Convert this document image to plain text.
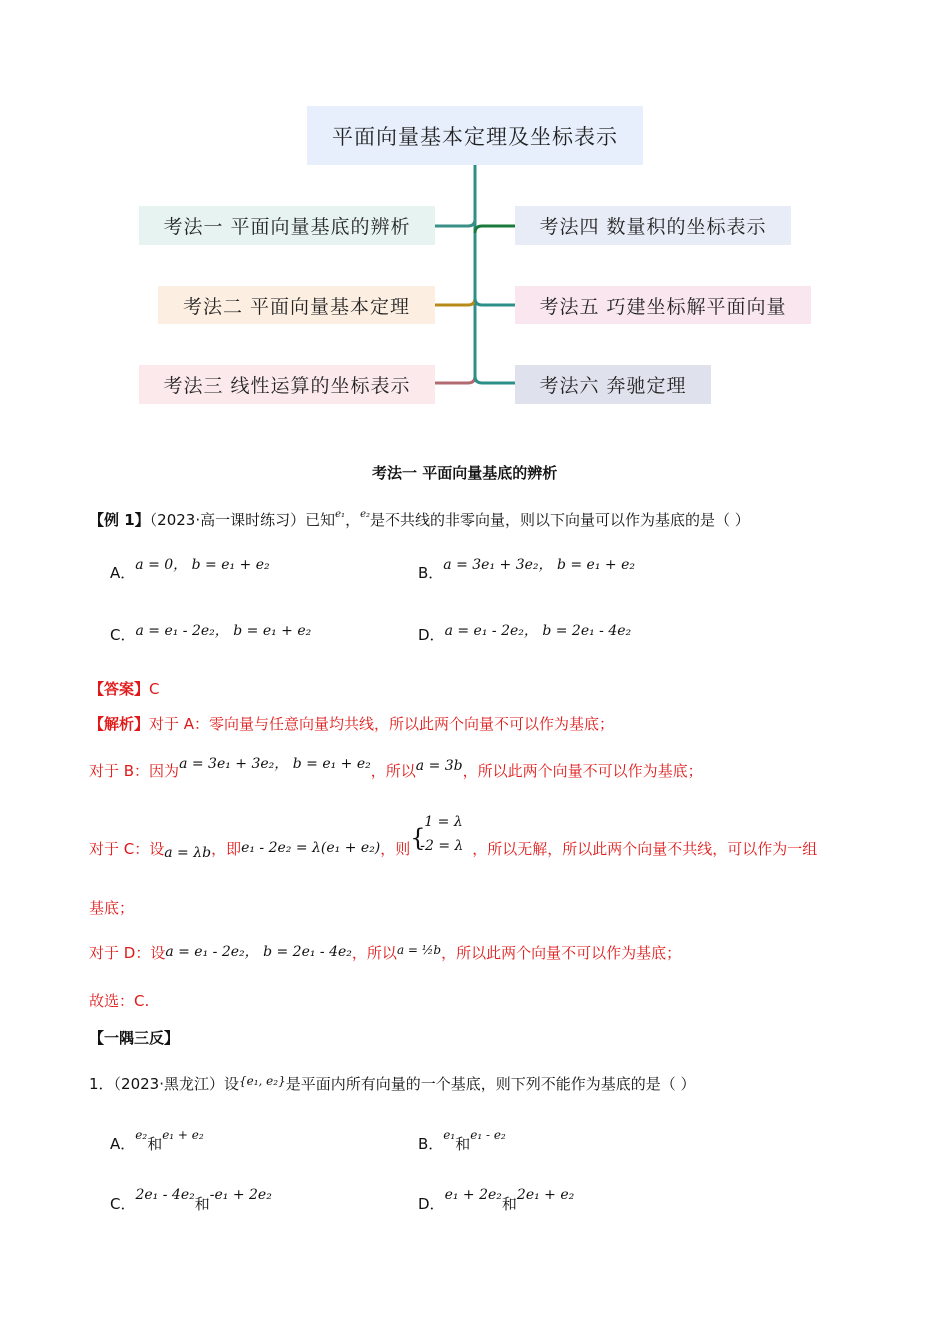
平面向量基本定理及坐标表示
考法一 平面向量基底的辨析
考法二 平面向量基本定理
考法三 线性运算的坐标表示
考法四 数量积的坐标表示
考法五 巧建坐标解平面向量
考法六 奔驰定理
考法一 平面向量基底的辨析
【例 1】（2023·高一课时练习）已知$^{e_1}$，$^{e_2}$是不共线的非零向量，则以下向量可以作为基底的是（ ）
A．a = 0， b = e₁ + e₂	B．a = 3e₁ + 3e₂， b = e₁ + e₂
C．a = e₁ - 2e₂， b = e₁ + e₂	D．a = e₁ - 2e₂， b = 2e₁ - 4e₂
【答案】C
【解析】对于 A：零向量与任意向量均共线，所以此两个向量不可以作为基底；
对于 B：因为a = 3e₁ + 3e₂， b = e₁ + e₂，所以a = 3b，所以此两个向量不可以作为基底；
对于 C：设a = λb，即e₁ - 2e₂ = λ(e₁ + e₂)，则 {
1 = λ
-2 = λ ，所以无解，所以此两个向量不共线，可以作为一组
基底；
对于 D：设a = e₁ - 2e₂， b = 2e₁ - 4e₂，所以$^{a = \frac{1}{2}b}$，所以此两个向量不可以作为基底；
故选：C.
【一隅三反】
1．（2023·黑龙江）设$^{\{e_1, e_2\}}$是平面内所有向量的一个基底，则下列不能作为基底的是（ ）
A．$^{e_2}$和$^{e_1 + e_2}$	B．$^{e_1}$和$^{e_1 - e_2}$
C．2e₁ - 4e₂和-e₁ + 2e₂	D．e₁ + 2e₂和2e₁ + e₂
